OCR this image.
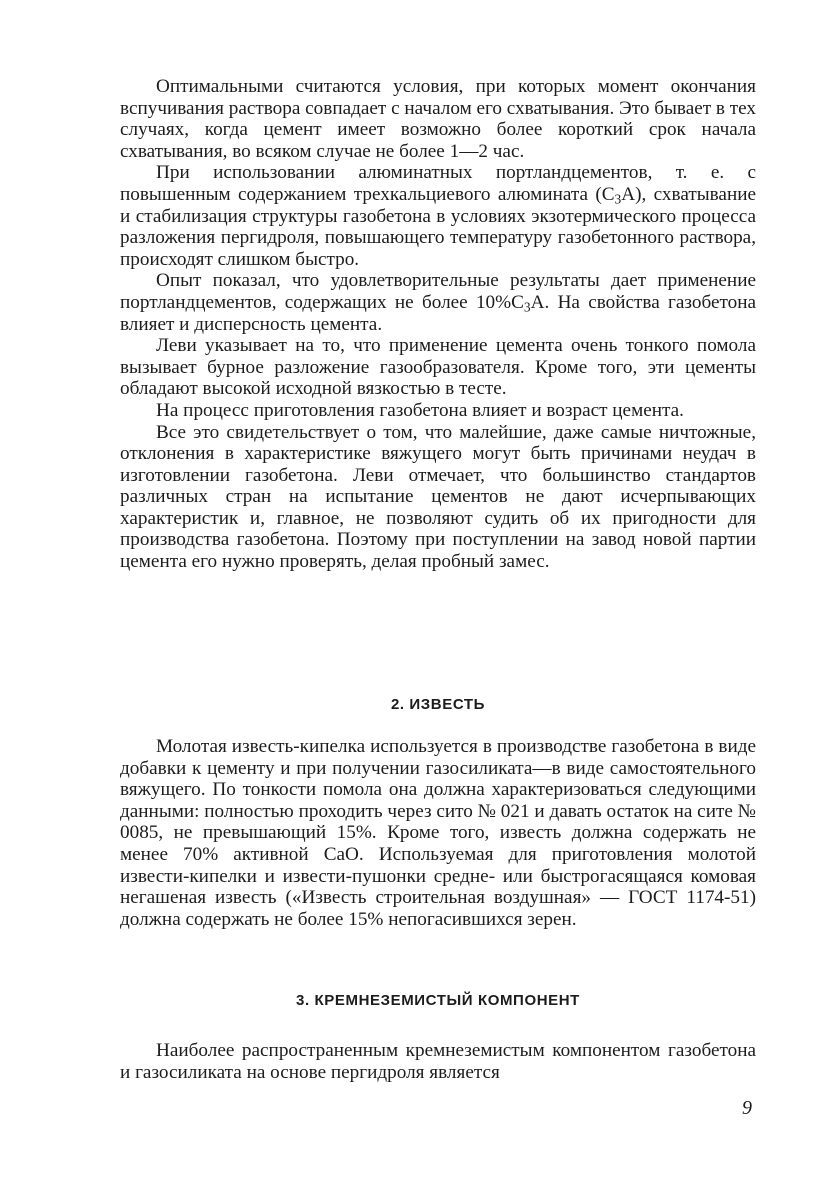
Оптимальными считаются условия, при которых момент окончания вспучивания раствора совпадает с началом его схватывания. Это бывает в тех случаях, когда цемент имеет возможно более короткий срок начала схватывания, во всяком случае не более 1—2 час.

При использовании алюминатных портландцементов, т. е. с повышенным содержанием трехкальциевого алюмината $(C_3A)$, схватывание и стабилизация структуры газобетона в условиях экзотермического процесса разложения пергидроля, повышающего температуру газобетонного раствора, происходят слишком быстро.

Опыт показал, что удовлетворительные результаты дает применение портландцементов, содержащих не более $10\%C_3A$. На свойства газобетона влияет и дисперсность цемента.

Леви указывает на то, что применение цемента очень тонкого помола вызывает бурное разложение газообразователя. Кроме того, эти цементы обладают высокой исходной вязкостью в тесте.

На процесс приготовления газобетона влияет и возраст цемента.

Все это свидетельствует о том, что малейшие, даже самые ничтожные, отклонения в характеристике вяжущего могут быть причинами неудач в изготовлении газобетона. Леви отмечает, что большинство стандартов различных стран на испытание цементов не дают исчерпывающих характеристик и, главное, не позволяют судить об их пригодности для производства газобетона. Поэтому при поступлении на завод новой партии цемента его нужно проверять, делая пробный замес.

2. ИЗВЕСТЬ

Молотая известь-кипелка используется в производстве газобетона в виде добавки к цементу и при получении газосиликата—в виде самостоятельного вяжущего. По тонкости помола она должна характеризоваться следующими данными: полностью проходить через сито № 021 и давать остаток на сите № 0085, не превышающий 15%. Кроме того, известь должна содержать не менее 70% активной CaO. Используемая для приготовления молотой извести-кипелки и извести-пушонки средне- или быстрогасящаяся комовая негашеная известь («Известь строительная воздушная» — ГОСТ 1174-51) должна содержать не более 15% непогасившихся зерен.

3. КРЕМНЕЗЕМИСТЫЙ КОМПОНЕНТ

Наиболее распространенным кремнеземистым компонентом газобетона и газосиликата на основе пергидроля является

9
